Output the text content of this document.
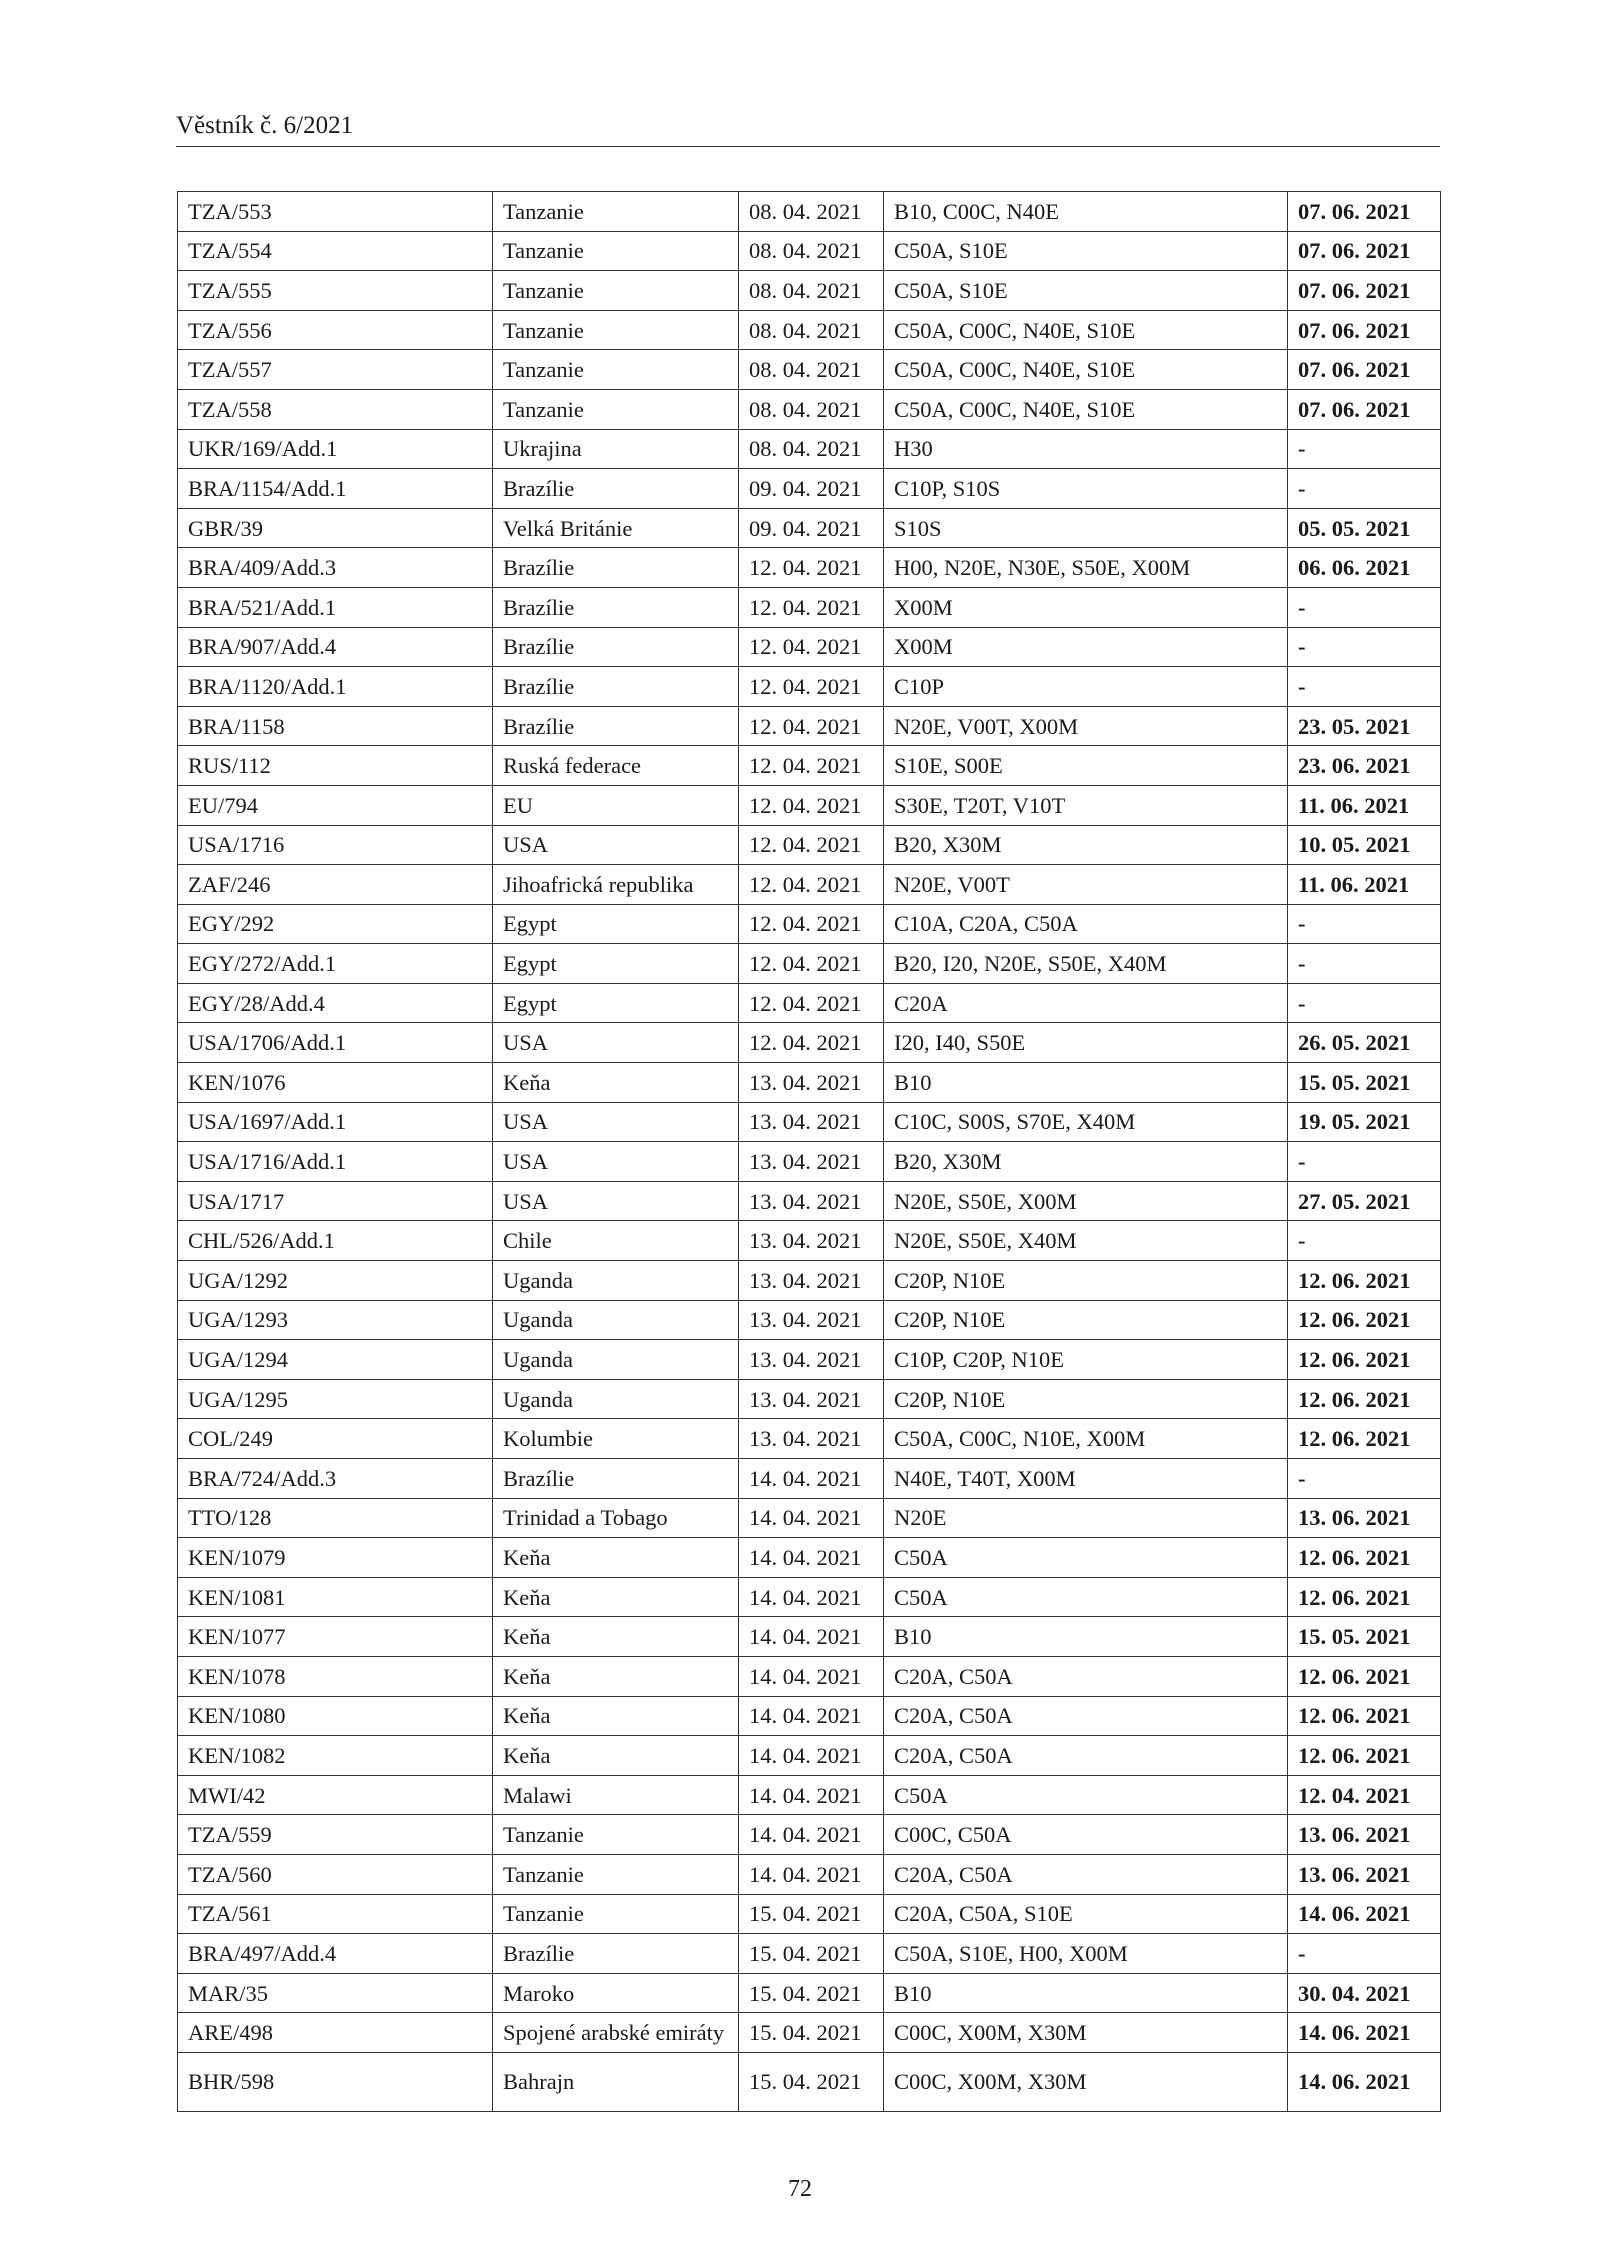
Věstník č. 6/2021
TZA/553	Tanzanie	08. 04. 2021	B10, C00C, N40E	07. 06. 2021
TZA/554	Tanzanie	08. 04. 2021	C50A, S10E	07. 06. 2021
TZA/555	Tanzanie	08. 04. 2021	C50A, S10E	07. 06. 2021
TZA/556	Tanzanie	08. 04. 2021	C50A, C00C, N40E, S10E	07. 06. 2021
TZA/557	Tanzanie	08. 04. 2021	C50A, C00C, N40E, S10E	07. 06. 2021
TZA/558	Tanzanie	08. 04. 2021	C50A, C00C, N40E, S10E	07. 06. 2021
UKR/169/Add.1	Ukrajina	08. 04. 2021	H30	-
BRA/1154/Add.1	Brazílie	09. 04. 2021	C10P, S10S	-
GBR/39	Velká Británie	09. 04. 2021	S10S	05. 05. 2021
BRA/409/Add.3	Brazílie	12. 04. 2021	H00, N20E, N30E, S50E, X00M	06. 06. 2021
BRA/521/Add.1	Brazílie	12. 04. 2021	X00M	-
BRA/907/Add.4	Brazílie	12. 04. 2021	X00M	-
BRA/1120/Add.1	Brazílie	12. 04. 2021	C10P	-
BRA/1158	Brazílie	12. 04. 2021	N20E, V00T, X00M	23. 05. 2021
RUS/112	Ruská federace	12. 04. 2021	S10E, S00E	23. 06. 2021
EU/794	EU	12. 04. 2021	S30E, T20T, V10T	11. 06. 2021
USA/1716	USA	12. 04. 2021	B20, X30M	10. 05. 2021
ZAF/246	Jihoafrická republika	12. 04. 2021	N20E, V00T	11. 06. 2021
EGY/292	Egypt	12. 04. 2021	C10A, C20A, C50A	-
EGY/272/Add.1	Egypt	12. 04. 2021	B20, I20, N20E, S50E, X40M	-
EGY/28/Add.4	Egypt	12. 04. 2021	C20A	-
USA/1706/Add.1	USA	12. 04. 2021	I20, I40, S50E	26. 05. 2021
KEN/1076	Keňa	13. 04. 2021	B10	15. 05. 2021
USA/1697/Add.1	USA	13. 04. 2021	C10C, S00S, S70E, X40M	19. 05. 2021
USA/1716/Add.1	USA	13. 04. 2021	B20, X30M	-
USA/1717	USA	13. 04. 2021	N20E, S50E, X00M	27. 05. 2021
CHL/526/Add.1	Chile	13. 04. 2021	N20E, S50E, X40M	-
UGA/1292	Uganda	13. 04. 2021	C20P, N10E	12. 06. 2021
UGA/1293	Uganda	13. 04. 2021	C20P, N10E	12. 06. 2021
UGA/1294	Uganda	13. 04. 2021	C10P, C20P, N10E	12. 06. 2021
UGA/1295	Uganda	13. 04. 2021	C20P, N10E	12. 06. 2021
COL/249	Kolumbie	13. 04. 2021	C50A, C00C, N10E, X00M	12. 06. 2021
BRA/724/Add.3	Brazílie	14. 04. 2021	N40E, T40T, X00M	-
TTO/128	Trinidad a Tobago	14. 04. 2021	N20E	13. 06. 2021
KEN/1079	Keňa	14. 04. 2021	C50A	12. 06. 2021
KEN/1081	Keňa	14. 04. 2021	C50A	12. 06. 2021
KEN/1077	Keňa	14. 04. 2021	B10	15. 05. 2021
KEN/1078	Keňa	14. 04. 2021	C20A, C50A	12. 06. 2021
KEN/1080	Keňa	14. 04. 2021	C20A, C50A	12. 06. 2021
KEN/1082	Keňa	14. 04. 2021	C20A, C50A	12. 06. 2021
MWI/42	Malawi	14. 04. 2021	C50A	12. 04. 2021
TZA/559	Tanzanie	14. 04. 2021	C00C, C50A	13. 06. 2021
TZA/560	Tanzanie	14. 04. 2021	C20A, C50A	13. 06. 2021
TZA/561	Tanzanie	15. 04. 2021	C20A, C50A, S10E	14. 06. 2021
BRA/497/Add.4	Brazílie	15. 04. 2021	C50A, S10E, H00, X00M	-
MAR/35	Maroko	15. 04. 2021	B10	30. 04. 2021
ARE/498	Spojené arabské emiráty	15. 04. 2021	C00C, X00M, X30M	14. 06. 2021
BHR/598	Bahrajn	15. 04. 2021	C00C, X00M, X30M	14. 06. 2021
72
